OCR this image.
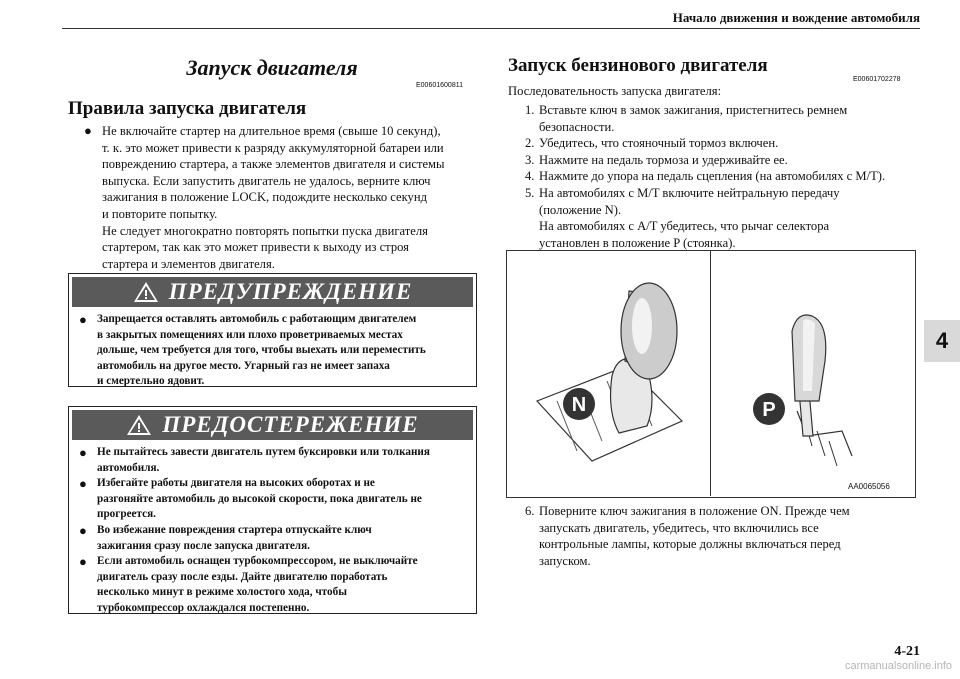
Начало движения и вождение автомобиля
4
Запуск двигателя
E00601600811
Правила запуска двигателя
● Не включайте стартер на длительное время (свыше 10 секунд),

т. к. это может привести к разряду аккумуляторной батареи или

повреждению стартера, а также элементов двигателя и системы

выпуска. Если запустить двигатель не удалось, верните ключ

зажигания в положение LOCK, подождите несколько секунд

и повторите попытку.

Не следует многократно повторять попытки пуска двигателя

стартером, так как это может привести к выходу из строя

стартера и элементов двигателя.

ПРЕДУПРЕЖДЕНИЕ
● Запрещается оставлять автомобиль с работающим двигателем

в закрытых помещениях или плохо проветриваемых местах

дольше, чем требуется для того, чтобы выехать или переместить

автомобиль на другое место. Угарный газ не имеет запаха

и смертельно ядовит.

ПРЕДОСТЕРЕЖЕНИЕ
● Не пытайтесь завести двигатель путем буксировки или толкания

автомобиля.

● Избегайте работы двигателя на высоких оборотах и не

разгоняйте автомобиль до высокой скорости, пока двигатель не

прогреется.

● Во избежание повреждения стартера отпускайте ключ

зажигания сразу после запуска двигателя.

● Если автомобиль оснащен турбокомпрессором, не выключайте

двигатель сразу после езды. Дайте двигателю поработать

несколько минут в режиме холостого хода, чтобы

турбокомпрессор охлаждался постепенно.

Запуск бензинового двигателя
E00601702278
Последовательность запуска двигателя:
1. Вставьте ключ в замок зажигания, пристегнитесь ремнем

безопасности.

2. Убедитесь, что стояночный тормоз включен.

3. Нажмите на педаль тормоза и удерживайте ее.

4. Нажмите до упора на педаль сцепления (на автомобилях с M/T).

5. На автомобилях с M/T включите нейтральную передачу

(положение N).

На автомобилях с A/T убедитесь, что рычаг селектора

установлен в положение P (стоянка).

N	P
AA0065056
6. Поверните ключ зажигания в положение ON. Прежде чем

запускать двигатель, убедитесь, что включились все

контрольные лампы, которые должны включаться перед

запуском.

4-21
carmanualsonline.info
